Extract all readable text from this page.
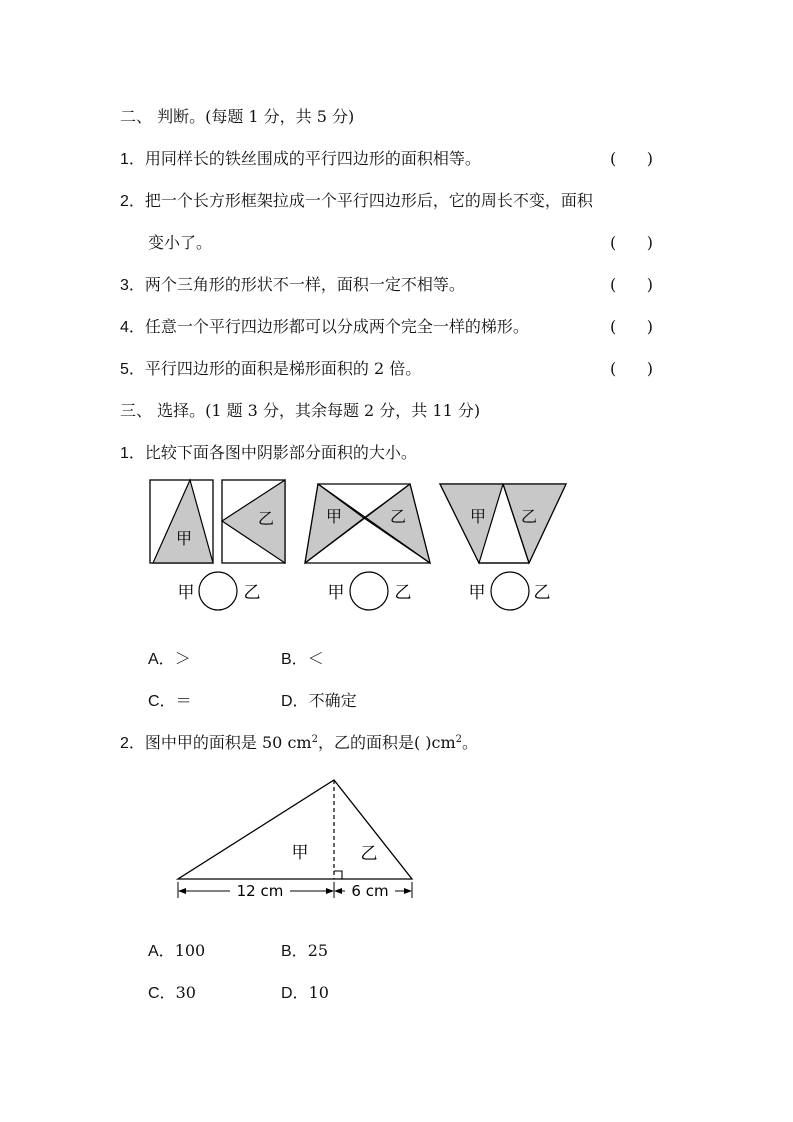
二、 判断。(每题 1 分，共 5 分)
1．用同样长的铁丝围成的平行四边形的面积相等。	(      )
2．把一个长方形框架拉成一个平行四边形后，它的周长不变，面积
变小了。	(      )
3．两个三角形的形状不一样，面积一定不相等。	(      )
4．任意一个平行四边形都可以分成两个完全一样的梯形。	(      )
5．平行四边形的面积是梯形面积的 2 倍。	(      )
三、 选择。(1 题 3 分，其余每题 2 分，共 11 分)
1．比较下面各图中阴影部分面积的大小。
甲
乙	甲	乙	甲 乙
甲	乙	甲	乙	甲	乙
A．＞	B．＜
C．＝	D．不确定
2．图中甲的面积是 50 $cm^2$，乙的面积是( )$cm^2$。
甲	乙
12 cm	6 cm
A．100	B．25
C．30	D．10
